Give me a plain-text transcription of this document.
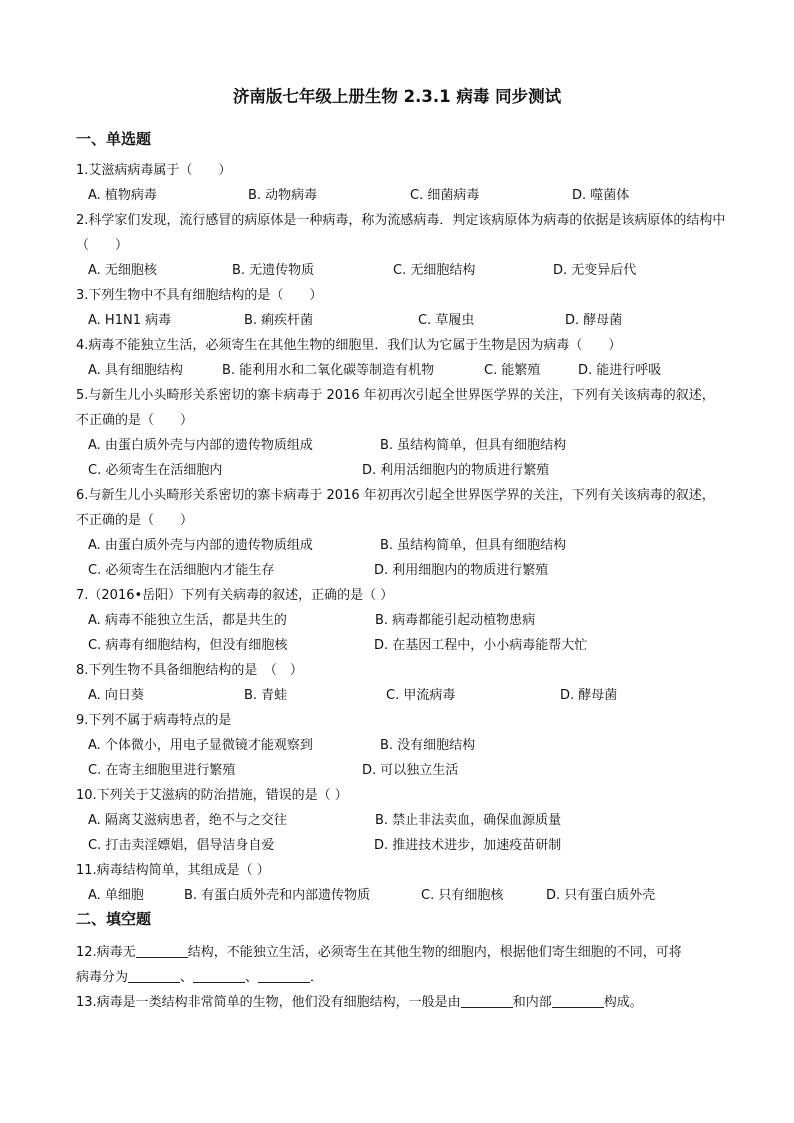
济南版七年级上册生物 2.3.1 病毒 同步测试
一、单选题
1.艾滋病病毒属于（　　）
A. 植物病毒	B. 动物病毒	C. 细菌病毒	D. 噬菌体
2.科学家们发现，流行感冒的病原体是一种病毒，称为流感病毒．判定该病原体为病毒的依据是该病原体的结构中（　　）
A. 无细胞核	B. 无遗传物质	C. 无细胞结构	D. 无变异后代
3.下列生物中不具有细胞结构的是（　　）
A. H1N1 病毒	B. 痢疾杆菌	C. 草履虫	D. 酵母菌
4.病毒不能独立生活，必须寄生在其他生物的细胞里．我们认为它属于生物是因为病毒（　　）
A. 具有细胞结构	B. 能利用水和二氧化碳等制造有机物	C. 能繁殖	D. 能进行呼吸
5.与新生儿小头畸形关系密切的寨卡病毒于 2016 年初再次引起全世界医学界的关注，下列有关该病毒的叙述，不正确的是（　　）
A. 由蛋白质外壳与内部的遗传物质组成	B. 虽结构简单，但具有细胞结构
C. 必须寄生在活细胞内	D. 利用活细胞内的物质进行繁殖
6.与新生儿小头畸形关系密切的寨卡病毒于 2016 年初再次引起全世界医学界的关注，下列有关该病毒的叙述，不正确的是（　　）
A. 由蛋白质外壳与内部的遗传物质组成	B. 虽结构简单，但具有细胞结构
C. 必须寄生在活细胞内才能生存	D. 利用细胞内的物质进行繁殖
7.（2016•岳阳）下列有关病毒的叙述，正确的是（ ）
A. 病毒不能独立生活，都是共生的	B. 病毒都能引起动植物患病
C. 病毒有细胞结构，但没有细胞核	D. 在基因工程中，小小病毒能帮大忙
8.下列生物不具备细胞结构的是　（　）
A. 向日葵	B. 青蛙	C. 甲流病毒	D. 酵母菌
9.下列不属于病毒特点的是
A. 个体微小，用电子显微镜才能观察到	B. 没有细胞结构
C. 在寄主细胞里进行繁殖	D. 可以独立生活
10.下列关于艾滋病的防治措施，错误的是（ ）
A. 隔离艾滋病患者，绝不与之交往	B. 禁止非法卖血，确保血源质量
C. 打击卖淫嫖娼，倡导洁身自爱	D. 推进技术进步，加速疫苗研制
11.病毒结构简单，其组成是（ ）
A. 单细胞	B. 有蛋白质外壳和内部遗传物质	C. 只有细胞核	D. 只有蛋白质外壳
二、填空题
12.病毒无	结构，不能独立生活，必须寄生在其他生物的细胞内，根据他们寄生细胞的不同，可将
病毒分为	、	、	．
13.病毒是一类结构非常简单的生物，他们没有细胞结构，一般是由	和内部	构成。
